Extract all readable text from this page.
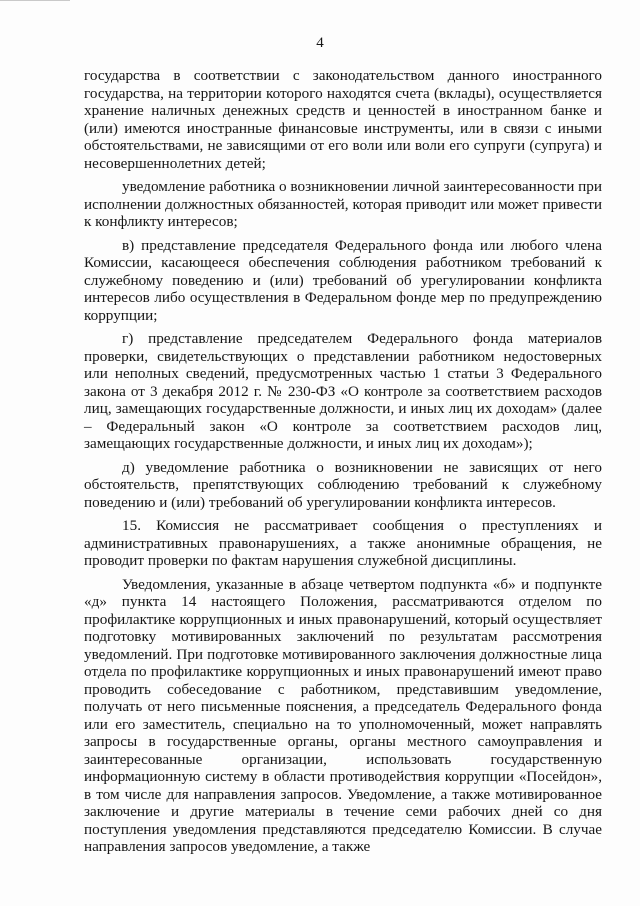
4

государства в соответствии с законодательством данного иностранного государства, на территории которого находятся счета (вклады), осуществляется хранение наличных денежных средств и ценностей в иностранном банке и (или) имеются иностранные финансовые инструменты, или в связи с иными обстоятельствами, не зависящими от его воли или воли его супруги (супруга) и несовершеннолетних детей;

уведомление работника о возникновении личной заинтересованности при исполнении должностных обязанностей, которая приводит или может привести к конфликту интересов;

в) представление председателя Федерального фонда или любого члена Комиссии, касающееся обеспечения соблюдения работником требований к служебному поведению и (или) требований об урегулировании конфликта интересов либо осуществления в Федеральном фонде мер по предупреждению коррупции;

г) представление председателем Федерального фонда материалов проверки, свидетельствующих о представлении работником недостоверных или неполных сведений, предусмотренных частью 1 статьи 3 Федерального закона от 3 декабря 2012 г. № 230-ФЗ «О контроле за соответствием расходов лиц, замещающих государственные должности, и иных лиц их доходам» (далее – Федеральный закон «О контроле за соответствием расходов лиц, замещающих государственные должности, и иных лиц их доходам»);

д) уведомление работника о возникновении не зависящих от него обстоятельств, препятствующих соблюдению требований к служебному поведению и (или) требований об урегулировании конфликта интересов.

15. Комиссия не рассматривает сообщения о преступлениях и административных правонарушениях, а также анонимные обращения, не проводит проверки по фактам нарушения служебной дисциплины.

Уведомления, указанные в абзаце четвертом подпункта «б» и подпункте «д» пункта 14 настоящего Положения, рассматриваются отделом по профилактике коррупционных и иных правонарушений, который осуществляет подготовку мотивированных заключений по результатам рассмотрения уведомлений. При подготовке мотивированного заключения должностные лица отдела по профилактике коррупционных и иных правонарушений имеют право проводить собеседование с работником, представившим уведомление, получать от него письменные пояснения, а председатель Федерального фонда или его заместитель, специально на то уполномоченный, может направлять запросы в государственные органы, органы местного самоуправления и заинтересованные организации, использовать государственную информационную систему в области противодействия коррупции «Посейдон», в том числе для направления запросов. Уведомление, а также мотивированное заключение и другие материалы в течение семи рабочих дней со дня поступления уведомления представляются председателю Комиссии. В случае направления запросов уведомление, а также
